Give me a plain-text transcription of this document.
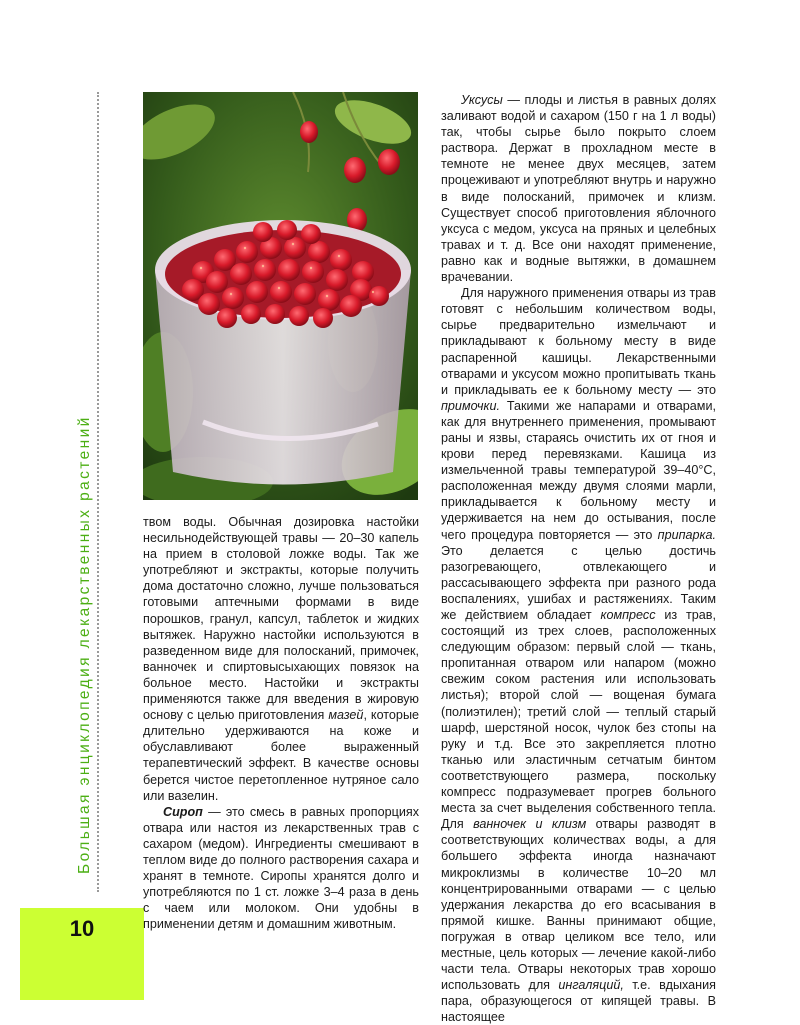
Большая энциклопедия лекарственных растений
10

твом воды. Обычная дозировка настойки несильнодействующей травы — 20–30 капель на прием в столовой ложке воды. Так же употребляют и экстракты, которые получить дома достаточно сложно, лучше пользоваться готовыми аптечными формами в виде порошков, гранул, капсул, таблеток и жидких вытяжек. Наружно настойки используются в разведенном виде для полосканий, примочек, ванночек и спиртовысыхающих повязок на больное место. Настойки и экстракты применяются также для введения в жировую основу с целью приготовления мазей, которые длительно удерживаются на коже и обуславливают более выраженный терапевтический эффект. В качестве основы берется чистое перетопленное нутряное сало или вазелин.

Сироп — это смесь в равных пропорциях отвара или настоя из лекарственных трав с сахаром (медом). Ингредиенты смешивают в теплом виде до полного растворения сахара и хранят в темноте. Сиропы хранятся долго и употребляются по 1 ст. ложке 3–4 раза в день с чаем или молоком. Они удобны в применении детям и домашним животным.

Уксусы — плоды и листья в равных долях заливают водой и сахаром (150 г на 1 л воды) так, чтобы сырье было покрыто слоем раствора. Держат в прохладном месте в темноте не менее двух месяцев, затем процеживают и употребляют внутрь и наружно в виде полосканий, примочек и клизм. Существует способ приготовления яблочного уксуса с медом, уксуса на пряных и целебных травах и т. д. Все они находят применение, равно как и водные вытяжки, в домашнем врачевании.

Для наружного применения отвары из трав готовят с небольшим количеством воды, сырье предварительно измельчают и прикладывают к больному месту в виде распаренной кашицы. Лекарственными отварами и уксусом можно пропитывать ткань и прикладывать ее к больному месту — это примочки. Такими же напарами и отварами, как для внутреннего применения, промывают раны и язвы, стараясь очистить их от гноя и крови перед перевязками. Кашица из измельченной травы температурой 39–40°С, расположенная между двумя слоями марли, прикладывается к больному месту и удерживается на нем до остывания, после чего процедура повторяется — это припарка. Это делается с целью достичь разогревающего, отвлекающего и рассасывающего эффекта при разного рода воспалениях, ушибах и растяжениях. Таким же действием обладает компресс из трав, состоящий из трех слоев, расположенных следующим образом: первый слой — ткань, пропитанная отваром или напаром (можно свежим соком растения или использовать листья); второй слой — вощеная бумага (полиэтилен); третий слой — теплый старый шарф, шерстяной носок, чулок без стопы на руку и т.д. Все это закрепляется плотно тканью или эластичным сетчатым бинтом соответствующего размера, поскольку компресс подразумевает прогрев больного места за счет выделения собственного тепла. Для ванночек и клизм отвары разводят в соответствующих количествах воды, а для большего эффекта иногда назначают микроклизмы в количестве 10–20 мл концентрированными отварами — с целью удержания лекарства до его всасывания в прямой кишке. Ванны принимают общие, погружая в отвар целиком все тело, или местные, цель которых — лечение какой-либо части тела. Отвары некоторых трав хорошо использовать для ингаляций, т.е. вдыхания пара, образующегося от кипящей травы. В настоящее
